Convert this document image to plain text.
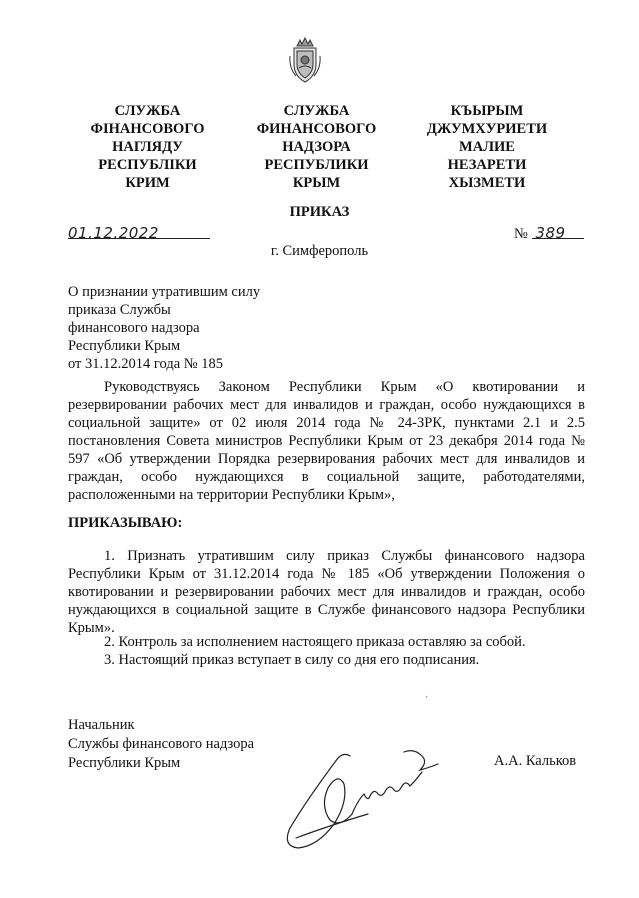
СЛУЖБА
ФІНАНСОВОГО
НАГЛЯДУ
РЕСПУБЛІКИ
КРИМ
СЛУЖБА
ФИНАНСОВОГО
НАДЗОРА
РЕСПУБЛИКИ
КРЫМ
КЪЫРЫМ
ДЖУМХУРИЕТИ
МАЛИЕ
НЕЗАРЕТИ
ХЫЗМЕТИ
ПРИКАЗ
01.12.2022	№ 389
г. Симферополь
О признании утратившим силу
приказа Службы
финансового надзора
Республики Крым
от 31.12.2014 года № 185
Руководствуясь Законом Республики Крым «О квотировании и резервировании рабочих мест для инвалидов и граждан, особо нуждающихся в социальной защите» от 02 июля 2014 года № 24-ЗРК, пунктами 2.1 и 2.5 постановления Совета министров Республики Крым от 23 декабря 2014 года № 597 «Об утверждении Порядка резервирования рабочих мест для инвалидов и граждан, особо нуждающихся в социальной защите, работодателями, расположенными на территории Республики Крым»,
ПРИКАЗЫВАЮ:
1. Признать утратившим силу приказ Службы финансового надзора Республики Крым от 31.12.2014 года № 185 «Об утверждении Положения о квотировании и резервировании рабочих мест для инвалидов и граждан, особо нуждающихся в социальной защите в Службе финансового надзора Республики Крым».
2. Контроль за исполнением настоящего приказа оставляю за собой.
3. Настоящий приказ вступает в силу со дня его подписания.
ˌ
Начальник
Службы финансового надзора
Республики Крым	А.А. Кальков
